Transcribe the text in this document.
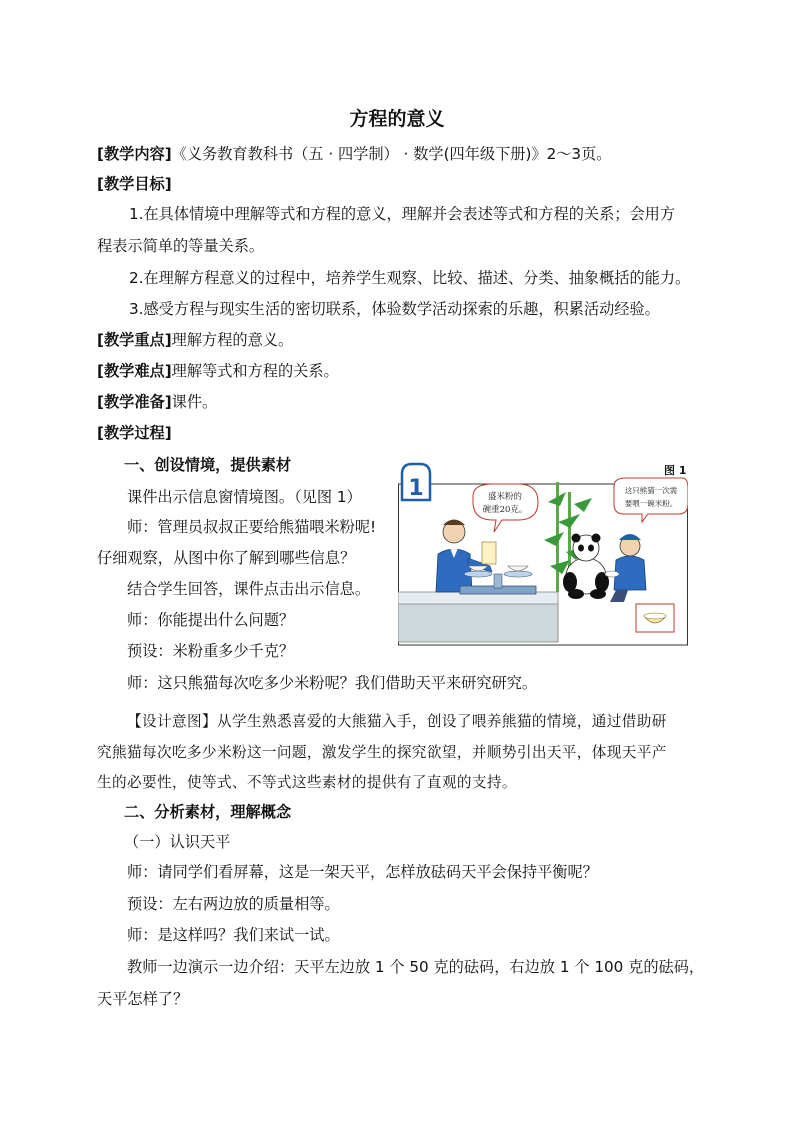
方程的意义
[教学内容]《义务教育教科书（五 · 四学制） · 数学(四年级下册)》2～3页。
[教学目标]
1.在具体情境中理解等式和方程的意义，理解并会表述等式和方程的关系；会用方
程表示简单的等量关系。
2.在理解方程意义的过程中，培养学生观察、比较、描述、分类、抽象概括的能力。
3.感受方程与现实生活的密切联系，体验数学活动探索的乐趣，积累活动经验。
[教学重点]理解方程的意义。
[教学难点]理解等式和方程的关系。
[教学准备]课件。
[教学过程]
一、创设情境，提供素材
课件出示信息窗情境图。（见图 1）
师：管理员叔叔正要给熊猫喂米粉呢!
仔细观察，从图中你了解到哪些信息？
结合学生回答，课件点击出示信息。
师：你能提出什么问题？
预设：米粉重多少千克？
师：这只熊猫每次吃多少米粉呢？我们借助天平来研究研究。
【设计意图】从学生熟悉喜爱的大熊猫入手，创设了喂养熊猫的情境，通过借助研
究熊猫每次吃多少米粉这一问题，激发学生的探究欲望，并顺势引出天平，体现天平产
生的必要性，使等式、不等式这些素材的提供有了直观的支持。
二、分析素材，理解概念
（一）认识天平
师：请同学们看屏幕，这是一架天平，怎样放砝码天平会保持平衡呢？
预设：左右两边放的质量相等。
师：是这样吗？我们来试一试。
教师一边演示一边介绍：天平左边放 1 个 50 克的砝码，右边放 1 个 100 克的砝码，
天平怎样了？
图 1
1	盛米粉的
碗重20克。
这只熊猫一次需
要喂一碗米粉。
